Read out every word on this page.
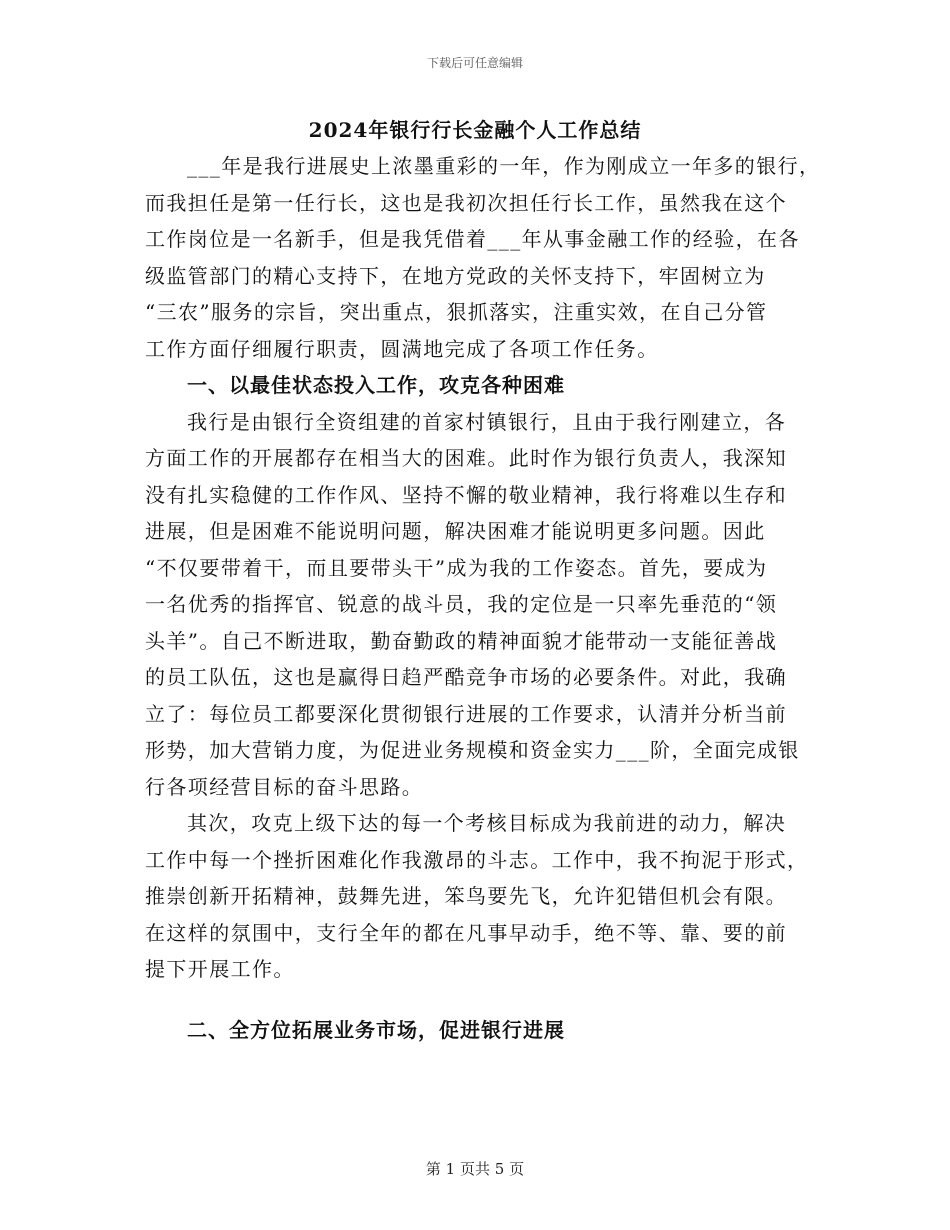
下载后可任意编辑
2024年银行行长金融个人工作总结
___年是我行进展史上浓墨重彩的一年，作为刚成立一年多的银行，
而我担任是第一任行长，这也是我初次担任行长工作，虽然我在这个
工作岗位是一名新手，但是我凭借着___年从事金融工作的经验，在各
级监管部门的精心支持下，在地方党政的关怀支持下，牢固树立为
“三农”服务的宗旨，突出重点，狠抓落实，注重实效，在自己分管
工作方面仔细履行职责，圆满地完成了各项工作任务。
一、以最佳状态投入工作，攻克各种困难
我行是由银行全资组建的首家村镇银行，且由于我行刚建立，各
方面工作的开展都存在相当大的困难。此时作为银行负责人，我深知
没有扎实稳健的工作作风、坚持不懈的敬业精神，我行将难以生存和
进展，但是困难不能说明问题，解决困难才能说明更多问题。因此
“不仅要带着干，而且要带头干”成为我的工作姿态。首先，要成为
一名优秀的指挥官、锐意的战斗员，我的定位是一只率先垂范的“领
头羊”。自己不断进取，勤奋勤政的精神面貌才能带动一支能征善战
的员工队伍，这也是赢得日趋严酷竞争市场的必要条件。对此，我确
立了：每位员工都要深化贯彻银行进展的工作要求，认清并分析当前
形势，加大营销力度，为促进业务规模和资金实力___阶，全面完成银
行各项经营目标的奋斗思路。
其次，攻克上级下达的每一个考核目标成为我前进的动力，解决
工作中每一个挫折困难化作我激昂的斗志。工作中，我不拘泥于形式，
推崇创新开拓精神，鼓舞先进，笨鸟要先飞，允许犯错但机会有限。
在这样的氛围中，支行全年的都在凡事早动手，绝不等、靠、要的前
提下开展工作。
二、全方位拓展业务市场，促进银行进展
第 1 页共 5 页
